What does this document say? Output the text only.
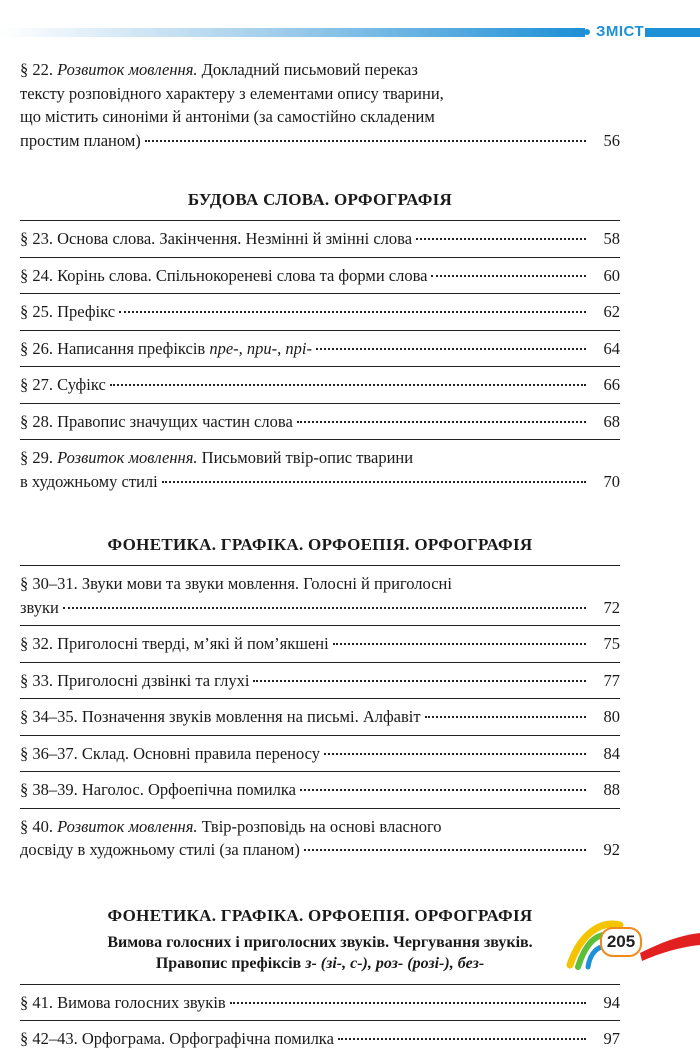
ЗМІСТ
§ 22. Розвиток мовлення. Докладний письмовий переказ
тексту розповідного характеру з елементами опису тварини,
що містить синоніми й антоніми (за самостійно складеним
простим планом)	56
БУДОВА СЛОВА. ОРФОГРАФІЯ
§ 23. Основа слова. Закінчення. Незмінні й змінні слова	58
§ 24. Корінь слова. Спільнокореневі слова та форми слова	60
§ 25. Префікс	62
§ 26. Написання префіксів пре-, при-, прі-	64
§ 27. Суфікс	66
§ 28. Правопис значущих частин слова	68
§ 29. Розвиток мовлення. Письмовий твір-опис тварини
в художньому стилі	70
ФОНЕТИКА. ГРАФІКА. ОРФОЕПІЯ. ОРФОГРАФІЯ
§ 30–31. Звуки мови та звуки мовлення. Голосні й приголосні
звуки	72
§ 32. Приголосні тверді, м’які й пом’якшені	75
§ 33. Приголосні дзвінкі та глухі	77
§ 34–35. Позначення звуків мовлення на письмі. Алфавіт	80
§ 36–37. Склад. Основні правила переносу	84
§ 38–39. Наголос. Орфоепічна помилка	88
§ 40. Розвиток мовлення. Твір-розповідь на основі власного
досвіду в художньому стилі (за планом)	92
ФОНЕТИКА. ГРАФІКА. ОРФОЕПІЯ. ОРФОГРАФІЯ
Вимова голосних і приголосних звуків. Чергування звуків.
Правопис префіксів з- (зі-, с-), роз- (розі-), без-
§ 41. Вимова голосних звуків	94
§ 42–43. Орфограма. Орфографічна помилка	97
205
